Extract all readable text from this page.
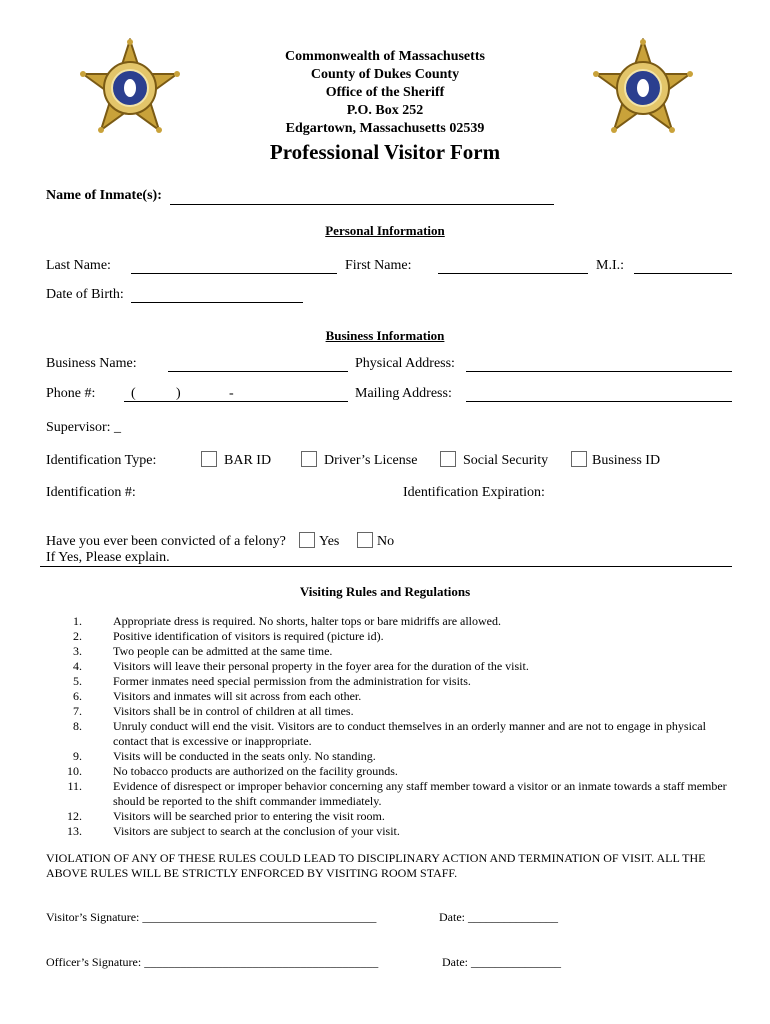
Commonwealth of Massachusetts
County of Dukes County
Office of the Sheriff
P.O. Box 252
Edgartown, Massachusetts 02539
Professional Visitor Form
Name of Inmate(s):
Personal Information
Last Name:	First Name:	M.I.:
Date of Birth:
Business Information
Business Name:	Physical Address:
Phone #:	(	)	-	Mailing Address:
Supervisor: _
Identification Type:	BAR ID	Driver’s License	Social Security	Business ID
Identification #:	Identification Expiration:
Have you ever been convicted of a felony? Yes	No
If Yes, Please explain.
Visiting Rules and Regulations
1.	Appropriate dress is required. No shorts, halter tops or bare midriffs are allowed.
2.	Positive identification of visitors is required (picture id).
3.	Two people can be admitted at the same time.
4.	Visitors will leave their personal property in the foyer area for the duration of the visit.
5.	Former inmates need special permission from the administration for visits.
6.	Visitors and inmates will sit across from each other.
7.	Visitors shall be in control of children at all times.
8.	Unruly conduct will end the visit. Visitors are to conduct themselves in an orderly manner and are not to engage in physical contact that is excessive or inappropriate.
9.	Visits will be conducted in the seats only. No standing.
10.	No tobacco products are authorized on the facility grounds.
11.	Evidence of disrespect or improper behavior concerning any staff member toward a visitor or an inmate towards a staff member should be reported to the shift commander immediately.
12.	Visitors will be searched prior to entering the visit room.
13.	Visitors are subject to search at the conclusion of your visit.
VIOLATION OF ANY OF THESE RULES COULD LEAD TO DISCIPLINARY ACTION AND TERMINATION OF VISIT. ALL THE ABOVE RULES WILL BE STRICTLY ENFORCED BY VISITING ROOM STAFF.
Visitor’s Signature: _______________________________________	Date: _______________
Officer’s Signature: _______________________________________	Date: _______________
